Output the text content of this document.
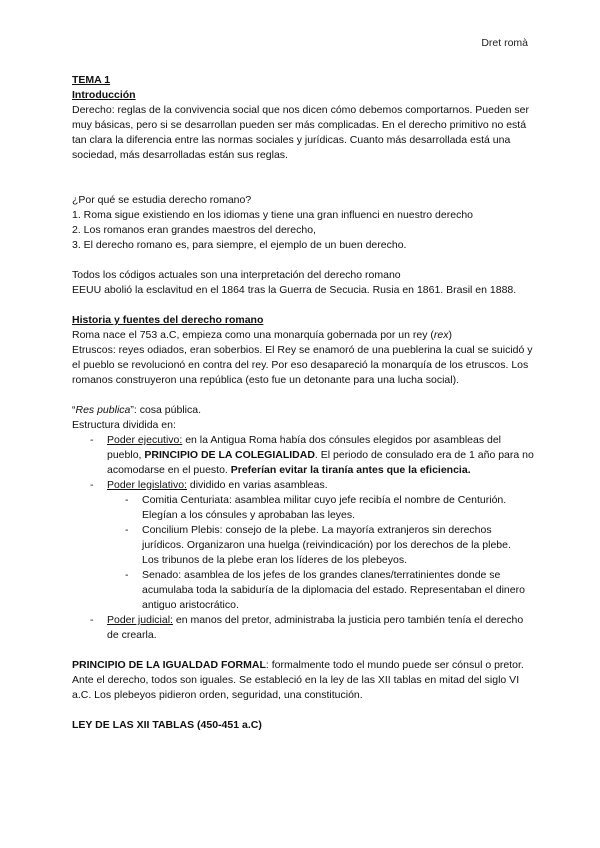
Dret romà

TEMA 1

Introducción

Derecho: reglas de la convivencia social que nos dicen cómo debemos comportarnos. Pueden ser muy básicas, pero si se desarrollan pueden ser más complicadas. En el derecho primitivo no está tan clara la diferencia entre las normas sociales y jurídicas. Cuanto más desarrollada está una sociedad, más desarrolladas están sus reglas.

¿Por qué se estudia derecho romano?

1. Roma sigue existiendo en los idiomas y tiene una gran influenci en nuestro derecho

2. Los romanos eran grandes maestros del derecho,

3. El derecho romano es, para siempre, el ejemplo de un buen derecho.

Todos los códigos actuales son una interpretación del derecho romano

EEUU abolió la esclavitud en el 1864 tras la Guerra de Secucia. Rusia en 1861. Brasil en 1888.

Historia y fuentes del derecho romano

Roma nace el 753 a.C, empieza como una monarquía gobernada por un rey (rex)

Etruscos: reyes odiados, eran soberbios. El Rey se enamoró de una pueblerina la cual se suicidó y el pueblo se revolucionó en contra del rey. Por eso desapareció la monarquía de los etruscos. Los romanos construyeron una república (esto fue un detonante para una lucha social).

“Res publica”: cosa pública.

Estructura dividida en:

- Poder ejecutivo: en la Antigua Roma había dos cónsules elegidos por asambleas del pueblo, PRINCIPIO DE LA COLEGIALIDAD. El periodo de consulado era de 1 año para no acomodarse en el puesto. Preferían evitar la tiranía antes que la eficiencia.
- Poder legislativo: dividido en varias asambleas.
- Comitia Centuriata: asamblea militar cuyo jefe recibía el nombre de Centurión. Elegían a los cónsules y aprobaban las leyes.
- Concilium Plebis: consejo de la plebe. La mayoría extranjeros sin derechos jurídicos. Organizaron una huelga (reivindicación) por los derechos de la plebe.
Los tribunos de la plebe eran los líderes de los plebeyos.
- Senado: asamblea de los jefes de los grandes clanes/terratinientes donde se acumulaba toda la sabiduría de la diplomacia del estado. Representaban el dinero antiguo aristocrático.
- Poder judicial: en manos del pretor, administraba la justicia pero también tenía el derecho de crearla.

PRINCIPIO DE LA IGUALDAD FORMAL: formalmente todo el mundo puede ser cónsul o pretor. Ante el derecho, todos son iguales. Se estableció en la ley de las XII tablas en mitad del siglo VI a.C. Los plebeyos pidieron orden, seguridad, una constitución.

LEY DE LAS XII TABLAS (450-451 a.C)
